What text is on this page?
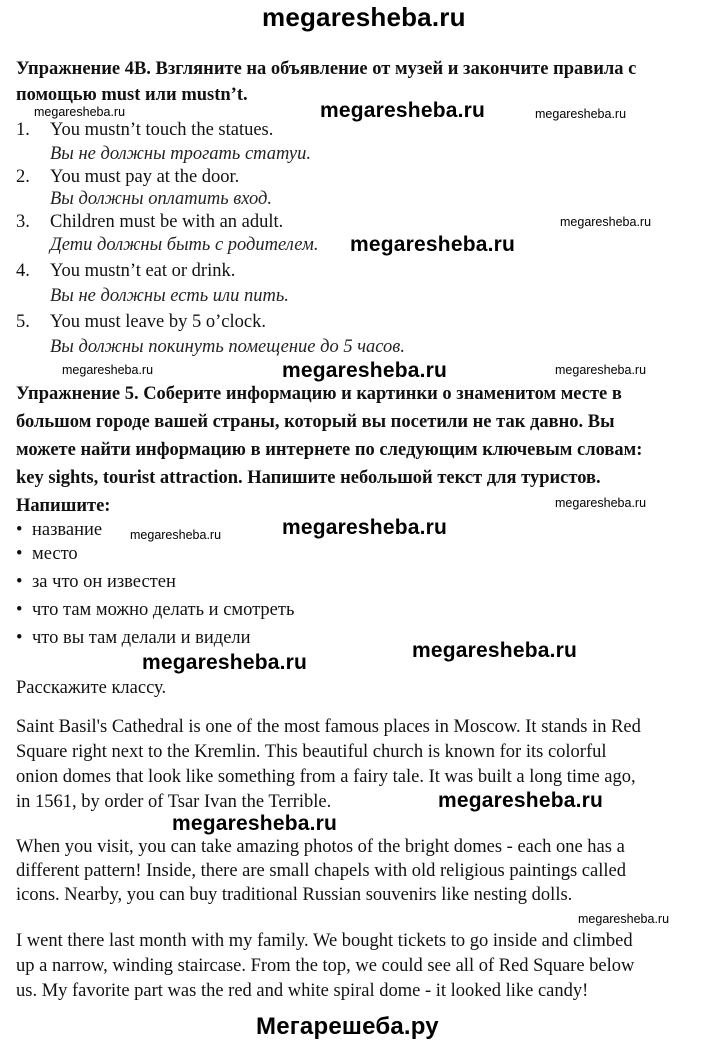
megaresheba.ru
Упражнение 4B. Взгляните на объявление от музей и закончите правила с
помощью must или mustn’t.
megaresheba.ru	megaresheba.ru	megaresheba.ru
1. You mustn’t touch the statues.
Вы не должны трогать статуи.
2. You must pay at the door.
Вы должны оплатить вход.
3. Children must be with an adult.
Дети должны быть с родителем.
4. You mustn’t eat or drink.
Вы не должны есть или пить.
5. You must leave by 5 o’clock.
Вы должны покинуть помещение до 5 часов.
megaresheba.ru
megaresheba.ru
megaresheba.ru	megaresheba.ru	megaresheba.ru
Упражнение 5. Соберите информацию и картинки о знаменитом месте в
большом городе вашей страны, который вы посетили не так давно. Вы
можете найти информацию в интернете по следующим ключевым словам:
key sights, tourist attraction. Напишите небольшой текст для туристов.
Напишите:	megaresheba.ru
• название
• место
• за что он известен
• что там можно делать и смотреть
• что вы там делали и видели
megaresheba.ru	megaresheba.ru
megaresheba.ru
megaresheba.ru
Расскажите классу.
Saint Basil's Cathedral is one of the most famous places in Moscow. It stands in Red
Square right next to the Kremlin. This beautiful church is known for its colorful
onion domes that look like something from a fairy tale. It was built a long time ago,
in 1561, by order of Tsar Ivan the Terrible.	megaresheba.ru
megaresheba.ru
When you visit, you can take amazing photos of the bright domes - each one has a
different pattern! Inside, there are small chapels with old religious paintings called
icons. Nearby, you can buy traditional Russian souvenirs like nesting dolls.
megaresheba.ru
I went there last month with my family. We bought tickets to go inside and climbed
up a narrow, winding staircase. From the top, we could see all of Red Square below
us. My favorite part was the red and white spiral dome - it looked like candy!
Мегарешеба.ру
